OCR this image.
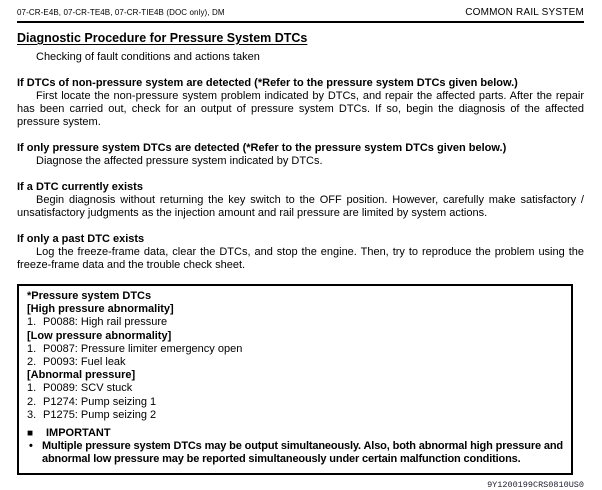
07-CR-E4B, 07-CR-TE4B, 07-CR-TIE4B (DOC only), DM	COMMON RAIL SYSTEM
Diagnostic Procedure for Pressure System DTCs
Checking of fault conditions and actions taken
If DTCs of non-pressure system are detected (*Refer to the pressure system DTCs given below.)

First locate the non-pressure system problem indicated by DTCs, and repair the affected parts. After the repair has been carried out, check for an output of pressure system DTCs. If so, begin the diagnosis of the affected pressure system.

If only pressure system DTCs are detected (*Refer to the pressure system DTCs given below.)

Diagnose the affected pressure system indicated by DTCs.

If a DTC currently exists

Begin diagnosis without returning the key switch to the OFF position. However, carefully make satisfactory / unsatisfactory judgments as the injection amount and rail pressure are limited by system actions.

If only a past DTC exists

Log the freeze-frame data, clear the DTCs, and stop the engine. Then, try to reproduce the problem using the freeze-frame data and the trouble check sheet.

*Pressure system DTCs
[High pressure abnormality]
1. P0088: High rail pressure
[Low pressure abnormality]
1. P0087: Pressure limiter emergency open
2. P0093: Fuel leak
[Abnormal pressure]
1. P0089: SCV stuck
2. P1274: Pump seizing 1
3. P1275: Pump seizing 2
■	IMPORTANT
• Multiple pressure system DTCs may be output simultaneously. Also, both abnormal high pressure and abnormal low pressure may be reported simultaneously under certain malfunction conditions.
9Y1200199CRS0810US0
